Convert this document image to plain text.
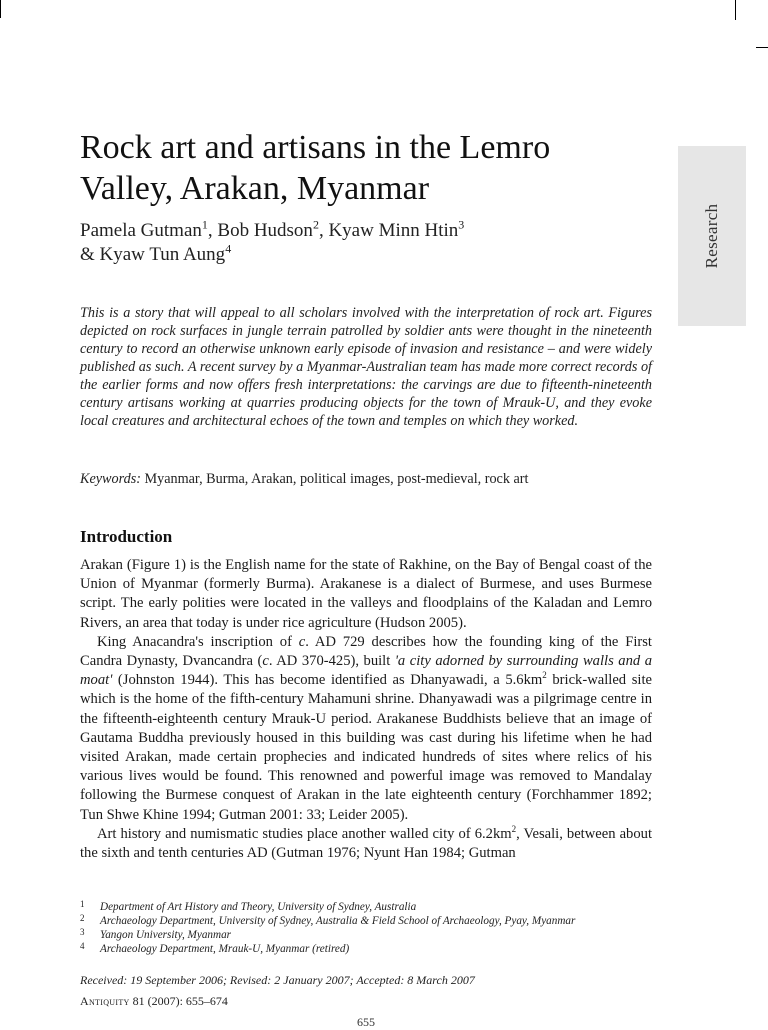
Research
Rock art and artisans in the Lemro Valley, Arakan, Myanmar
Pamela Gutman$^1$, Bob Hudson$^2$, Kyaw Minn Htin$^3$
& Kyaw Tun Aung$^4$

This is a story that will appeal to all scholars involved with the interpretation of rock art. Figures depicted on rock surfaces in jungle terrain patrolled by soldier ants were thought in the nineteenth century to record an otherwise unknown early episode of invasion and resistance – and were widely published as such. A recent survey by a Myanmar-Australian team has made more correct records of the earlier forms and now offers fresh interpretations: the carvings are due to fifteenth-nineteenth century artisans working at quarries producing objects for the town of Mrauk-U, and they evoke local creatures and architectural echoes of the town and temples on which they worked.

Keywords: Myanmar, Burma, Arakan, political images, post-medieval, rock art
Introduction

Arakan (Figure 1) is the English name for the state of Rakhine, on the Bay of Bengal coast of the Union of Myanmar (formerly Burma). Arakanese is a dialect of Burmese, and uses Burmese script. The early polities were located in the valleys and floodplains of the Kaladan and Lemro Rivers, an area that today is under rice agriculture (Hudson 2005).

King Anacandra's inscription of c. AD 729 describes how the founding king of the First Candra Dynasty, Dvancandra (c. AD 370-425), built 'a city adorned by surrounding walls and a moat' (Johnston 1944). This has become identified as Dhanyawadi, a $5.6km^2$ brick-walled site which is the home of the fifth-century Mahamuni shrine. Dhanyawadi was a pilgrimage centre in the fifteenth-eighteenth century Mrauk-U period. Arakanese Buddhists believe that an image of Gautama Buddha previously housed in this building was cast during his lifetime when he had visited Arakan, made certain prophecies and indicated hundreds of sites where relics of his various lives would be found. This renowned and powerful image was removed to Mandalay following the Burmese conquest of Arakan in the late eighteenth century (Forchhammer 1892; Tun Shwe Khine 1994; Gutman 2001: 33; Leider 2005).

Art history and numismatic studies place another walled city of $6.2km^2$, Vesali, between about the sixth and tenth centuries AD (Gutman 1976; Nyunt Han 1984; Gutman

1 Department of Art History and Theory, University of Sydney, Australia
2 Archaeology Department, University of Sydney, Australia & Field School of Archaeology, Pyay, Myanmar
3 Yangon University, Myanmar
4 Archaeology Department, Mrauk-U, Myanmar (retired)
Received: 19 September 2006; Revised: 2 January 2007; Accepted: 8 March 2007
Antiquity 81 (2007): 655–674
655
